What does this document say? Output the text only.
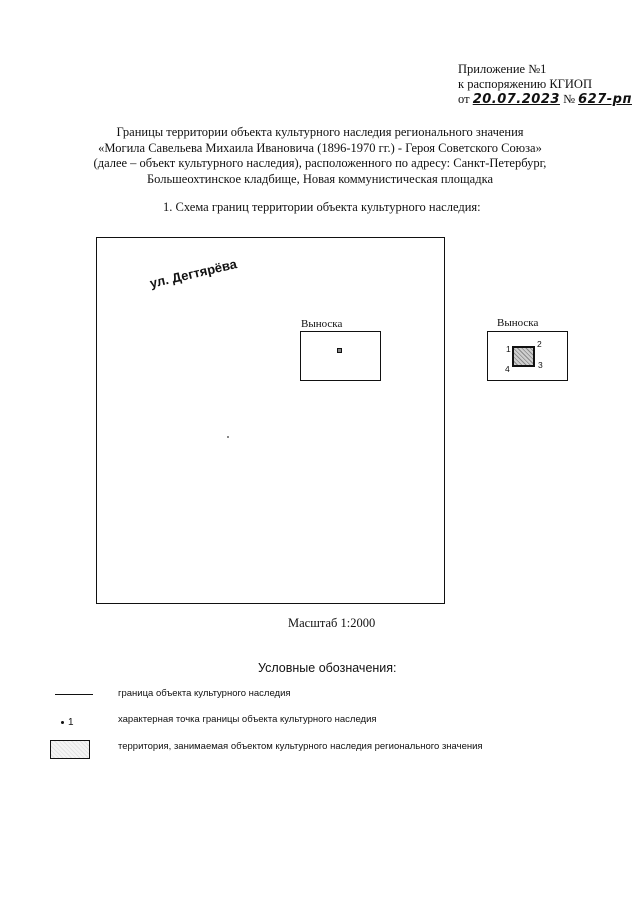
Приложение №1
к распоряжению КГИОП
от 20.07.2023 № 627-рп
Границы территории объекта культурного наследия регионального значения
«Могила Савельева Михаила Ивановича (1896-1970 гг.) - Героя Советского Союза»
(далее – объект культурного наследия), расположенного по адресу: Санкт-Петербург,
Большеохтинское кладбище, Новая коммунистическая площадка
1. Схема границ территории объекта культурного наследия:
ул. Дегтярёва
Выноска	Выноска
1	2
3
4
Масштаб 1:2000
Условные обозначения:
граница объекта культурного наследия
1	характерная точка границы объекта культурного наследия
территория, занимаемая объектом культурного наследия регионального значения
